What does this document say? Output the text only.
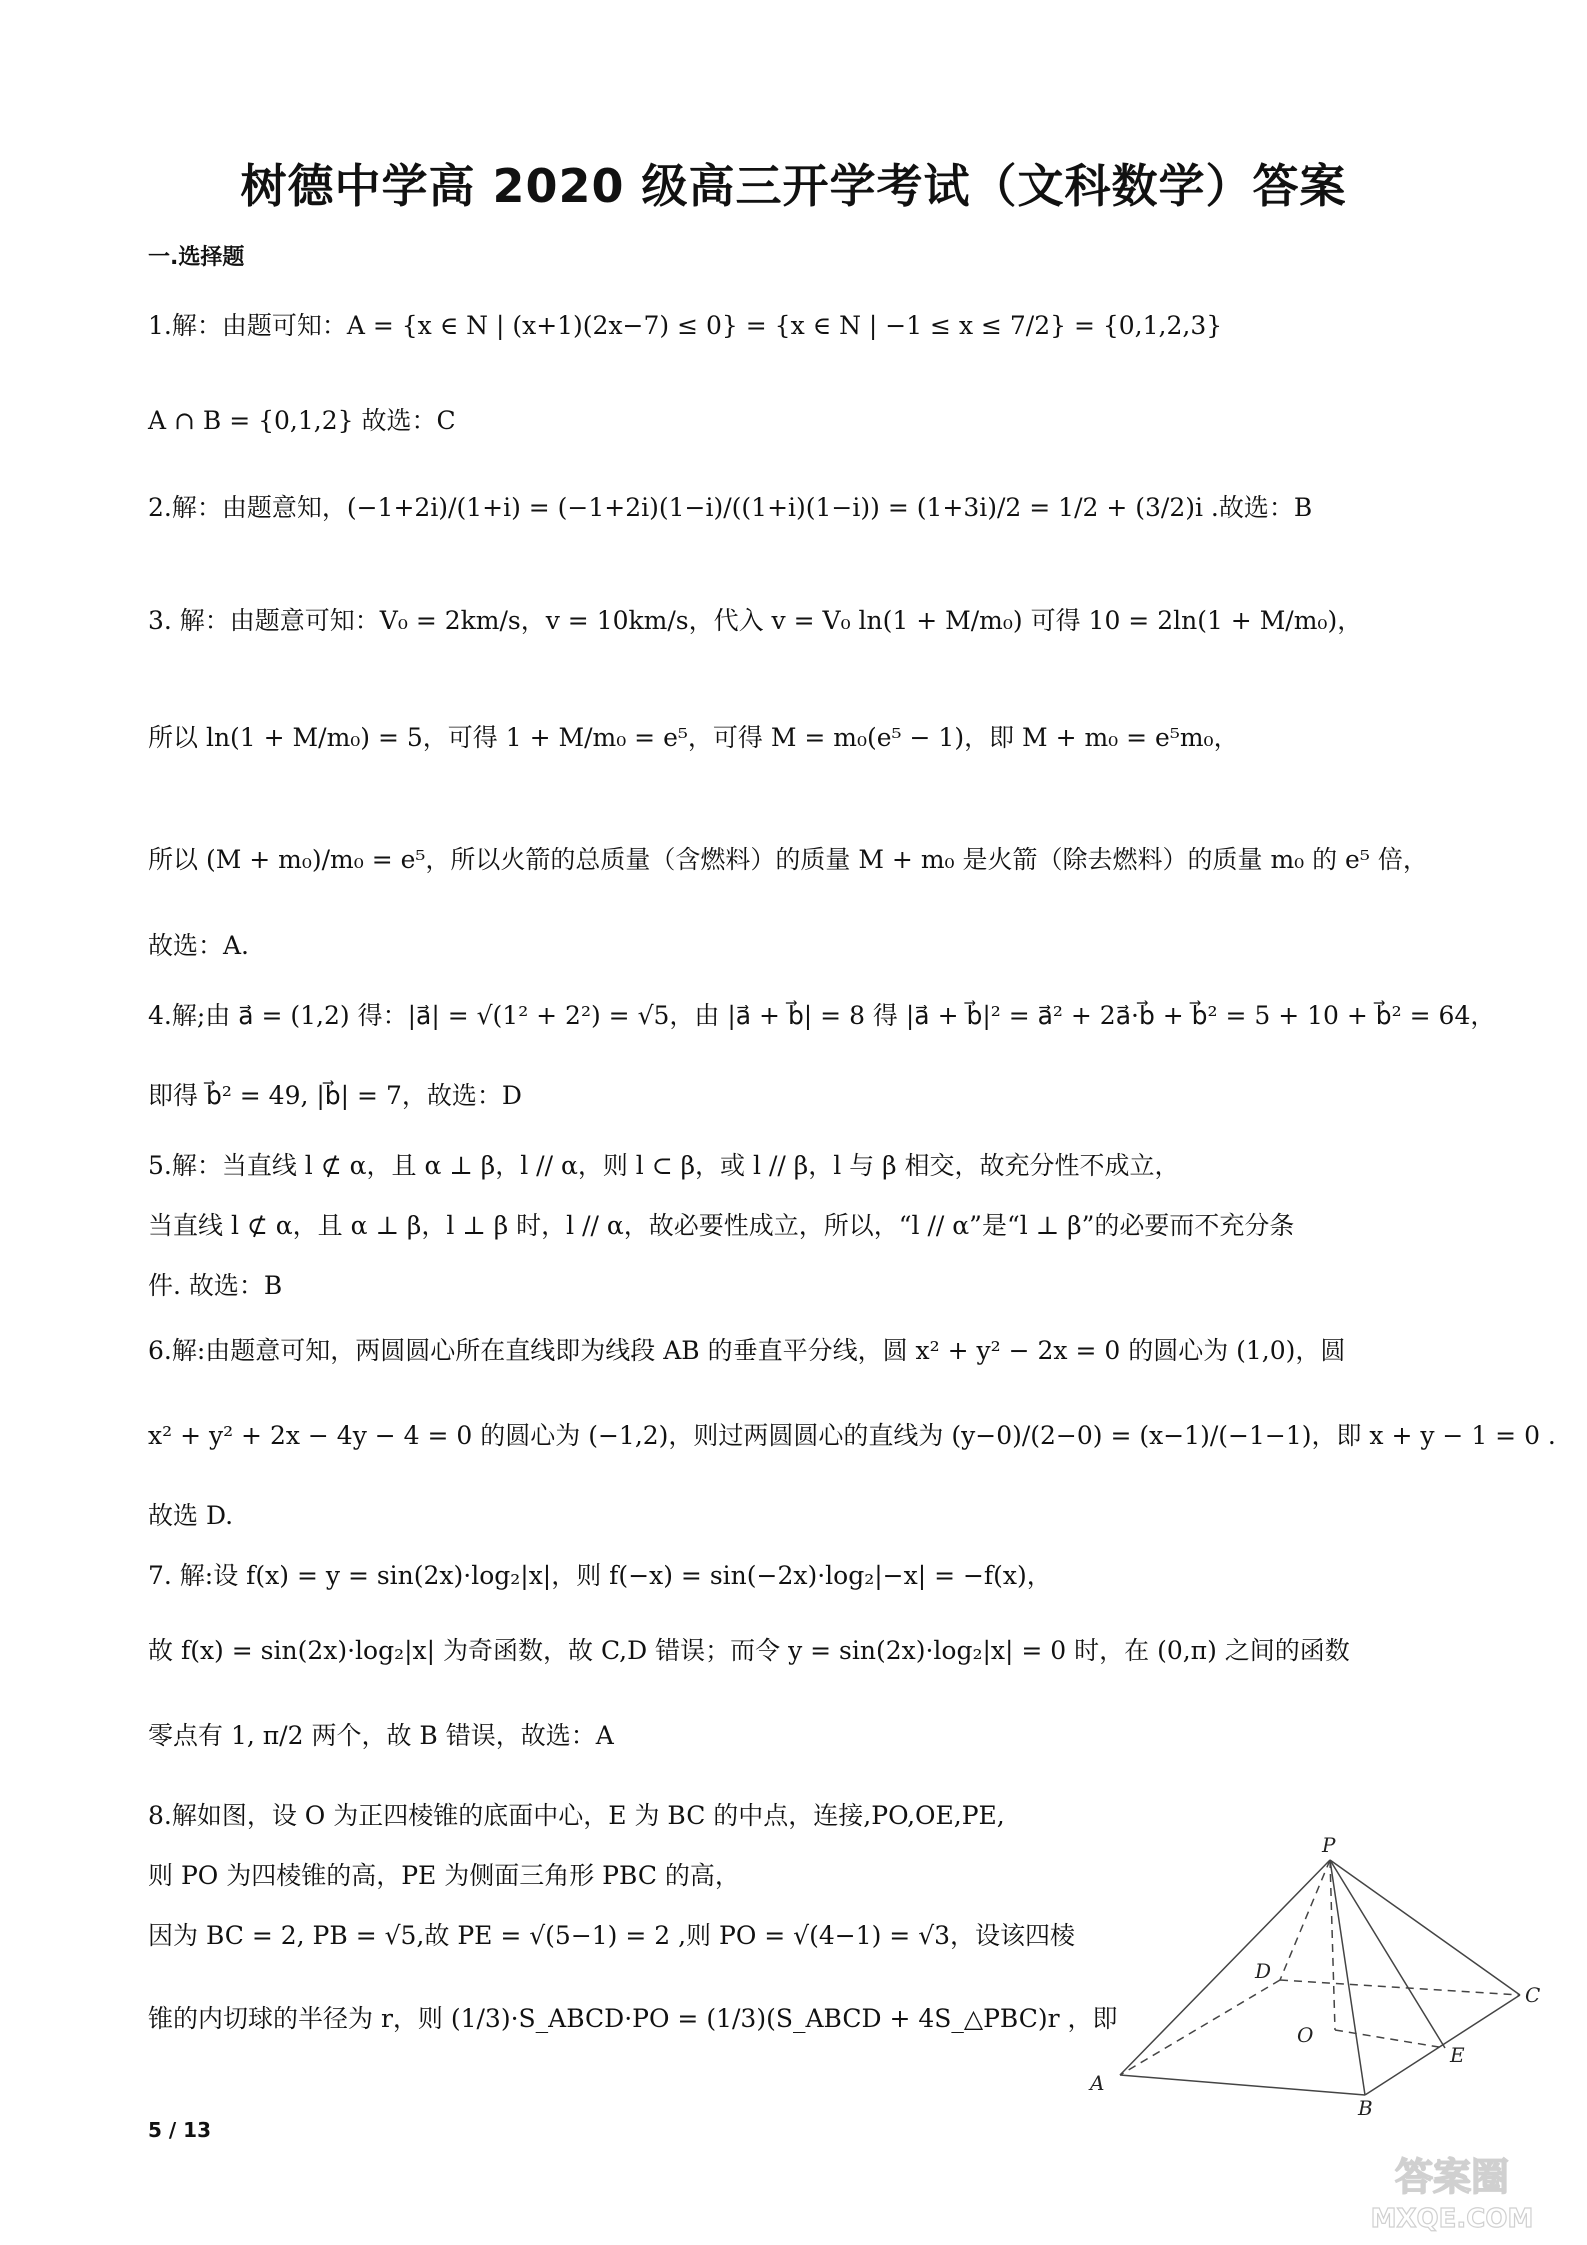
树德中学高 2020 级高三开学考试（文科数学）答案
一.选择题
1.解：由题可知：A = {x ∈ N | (x+1)(2x−7) ≤ 0} = {x ∈ N | −1 ≤ x ≤ 7/2} = {0,1,2,3}
A ∩ B = {0,1,2} 故选：C
2.解：由题意知，(−1+2i)/(1+i) = (−1+2i)(1−i)/((1+i)(1−i)) = (1+3i)/2 = 1/2 + (3/2)i .故选：B
3. 解：由题意可知：V₀ = 2km/s，v = 10km/s，代入 v = V₀ ln(1 + M/m₀) 可得 10 = 2ln(1 + M/m₀)，
所以 ln(1 + M/m₀) = 5，可得 1 + M/m₀ = e⁵，可得 M = m₀(e⁵ − 1)，即 M + m₀ = e⁵m₀，
所以 (M + m₀)/m₀ = e⁵，所以火箭的总质量（含燃料）的质量 M + m₀ 是火箭（除去燃料）的质量 m₀ 的 e⁵ 倍，
故选：A.
4.解;由 a⃗ = (1,2) 得：|a⃗| = √(1² + 2²) = √5，由 |a⃗ + b⃗| = 8 得 |a⃗ + b⃗|² = a⃗² + 2a⃗·b⃗ + b⃗² = 5 + 10 + b⃗² = 64，
即得 b⃗² = 49, |b⃗| = 7，故选：D
5.解：当直线 l ⊄ α，且 α ⊥ β，l // α，则 l ⊂ β，或 l // β，l 与 β 相交，故充分性不成立，
当直线 l ⊄ α，且 α ⊥ β，l ⊥ β 时，l // α，故必要性成立，所以，“l // α”是“l ⊥ β”的必要而不充分条
件. 故选：B
6.解:由题意可知，两圆圆心所在直线即为线段 AB 的垂直平分线，圆 x² + y² − 2x = 0 的圆心为 (1,0)，圆
x² + y² + 2x − 4y − 4 = 0 的圆心为 (−1,2)，则过两圆圆心的直线为 (y−0)/(2−0) = (x−1)/(−1−1)，即 x + y − 1 = 0 .
故选 D.
7. 解:设 f(x) = y = sin(2x)·log₂|x|，则 f(−x) = sin(−2x)·log₂|−x| = −f(x)，
故 f(x) = sin(2x)·log₂|x| 为奇函数，故 C,D 错误；而令 y = sin(2x)·log₂|x| = 0 时，在 (0,π) 之间的函数
零点有 1, π/2 两个，故 B 错误，故选：A
8.解如图，设 O 为正四棱锥的底面中心，E 为 BC 的中点，连接,PO,OE,PE,
则 PO 为四棱锥的高，PE 为侧面三角形 PBC 的高，
因为 BC = 2, PB = √5,故 PE = √(5−1) = 2 ,则 PO = √(4−1) = √3，设该四棱
锥的内切球的半径为 r，则 (1/3)·S_ABCD·PO = (1/3)(S_ABCD + 4S_△PBC)r ，即
P
D
C
O
E
A
B
5 / 13
答案圈
MXQE.COM
